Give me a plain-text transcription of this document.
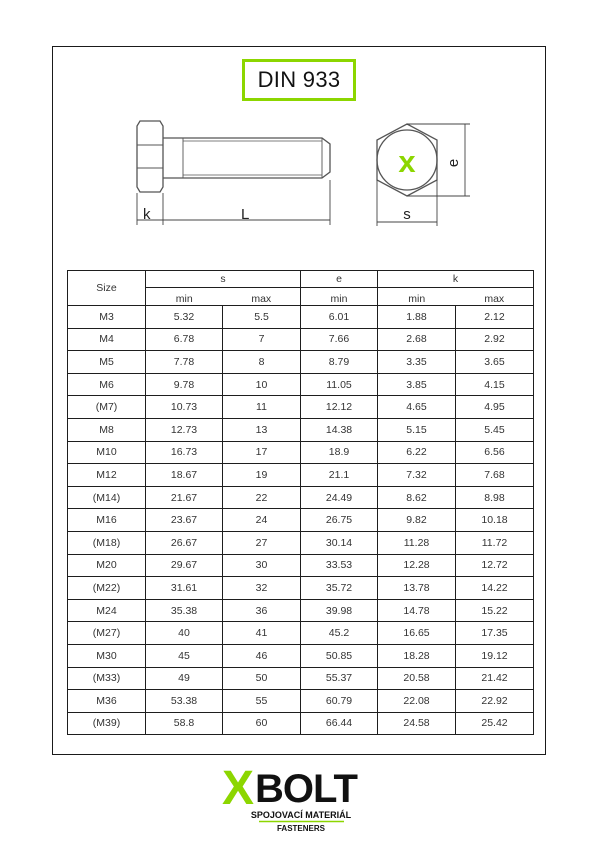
DIN 933
k	L
x e
s
Size	s		e	k	
	min	max	min	min	max
M3	5.32	5.5	6.01	1.88	2.12
M4	6.78	7	7.66	2.68	2.92
M5	7.78	8	8.79	3.35	3.65
M6	9.78	10	11.05	3.85	4.15
(M7)	10.73	11	12.12	4.65	4.95
M8	12.73	13	14.38	5.15	5.45
M10	16.73	17	18.9	6.22	6.56
M12	18.67	19	21.1	7.32	7.68
(M14)	21.67	22	24.49	8.62	8.98
M16	23.67	24	26.75	9.82	10.18
(M18)	26.67	27	30.14	11.28	11.72
M20	29.67	30	33.53	12.28	12.72
(M22)	31.61	32	35.72	13.78	14.22
M24	35.38	36	39.98	14.78	15.22
(M27)	40	41	45.2	16.65	17.35
M30	45	46	50.85	18.28	19.12
(M33)	49	50	55.37	20.58	21.42
M36	53.38	55	60.79	22.08	22.92
(M39)	58.8	60	66.44	24.58	25.42
X BOLT
SPOJOVACÍ MATERIÁL
FASTENERS
